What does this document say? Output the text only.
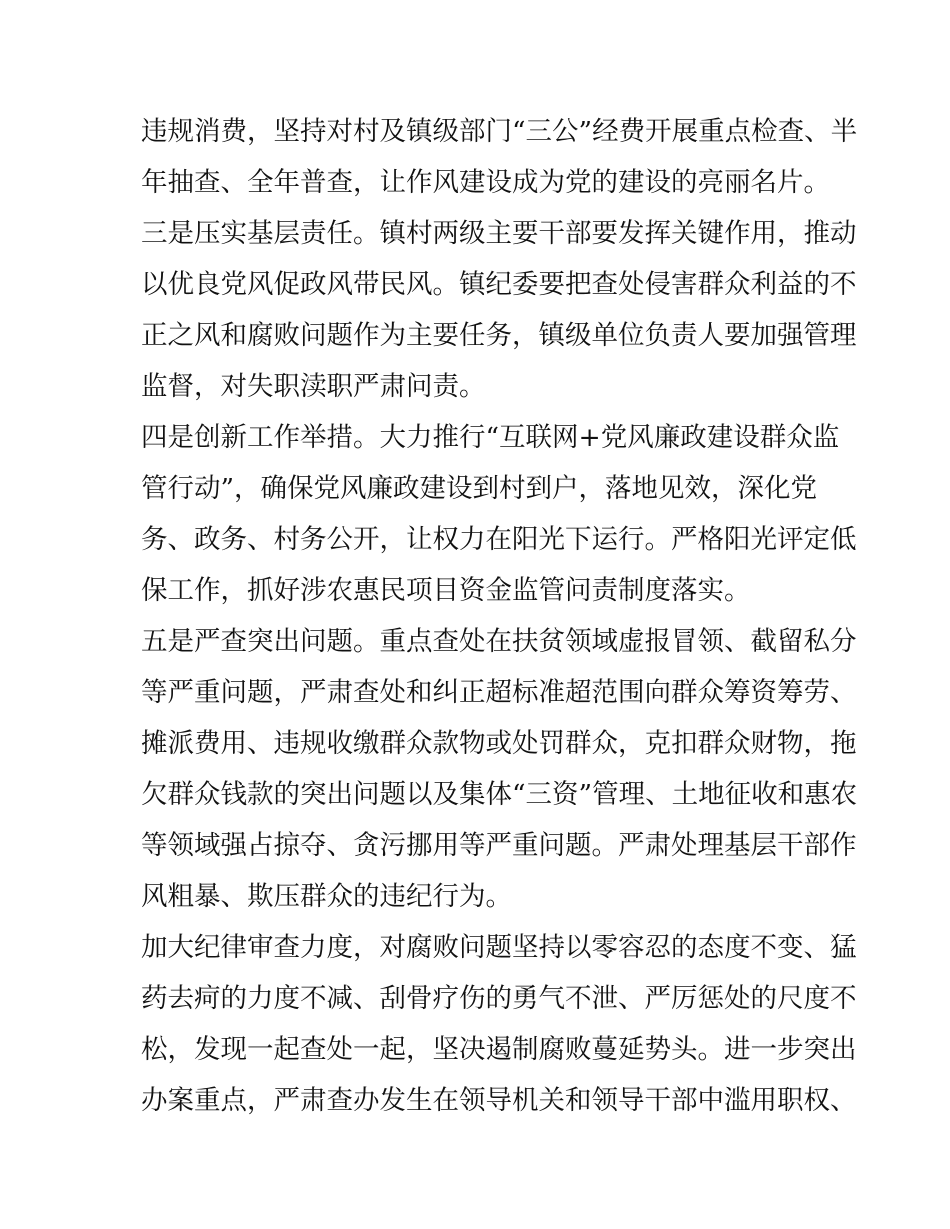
违规消费，坚持对村及镇级部门“三公”经费开展重点检查、半
年抽查、全年普查，让作风建设成为党的建设的亮丽名片。
三是压实基层责任。镇村两级主要干部要发挥关键作用，推动
以优良党风促政风带民风。镇纪委要把查处侵害群众利益的不
正之风和腐败问题作为主要任务，镇级单位负责人要加强管理
监督，对失职渎职严肃问责。
四是创新工作举措。大力推行“互联网+党风廉政建设群众监
管行动”，确保党风廉政建设到村到户，落地见效，深化党
务、政务、村务公开，让权力在阳光下运行。严格阳光评定低
保工作，抓好涉农惠民项目资金监管问责制度落实。
五是严查突出问题。重点查处在扶贫领域虚报冒领、截留私分
等严重问题，严肃查处和纠正超标准超范围向群众筹资筹劳、
摊派费用、违规收缴群众款物或处罚群众，克扣群众财物，拖
欠群众钱款的突出问题以及集体“三资”管理、土地征收和惠农
等领域强占掠夺、贪污挪用等严重问题。严肃处理基层干部作
风粗暴、欺压群众的违纪行为。
加大纪律审查力度，对腐败问题坚持以零容忍的态度不变、猛
药去疴的力度不减、刮骨疗伤的勇气不泄、严厉惩处的尺度不
松，发现一起查处一起，坚决遏制腐败蔓延势头。进一步突出
办案重点，严肃查办发生在领导机关和领导干部中滥用职权、
